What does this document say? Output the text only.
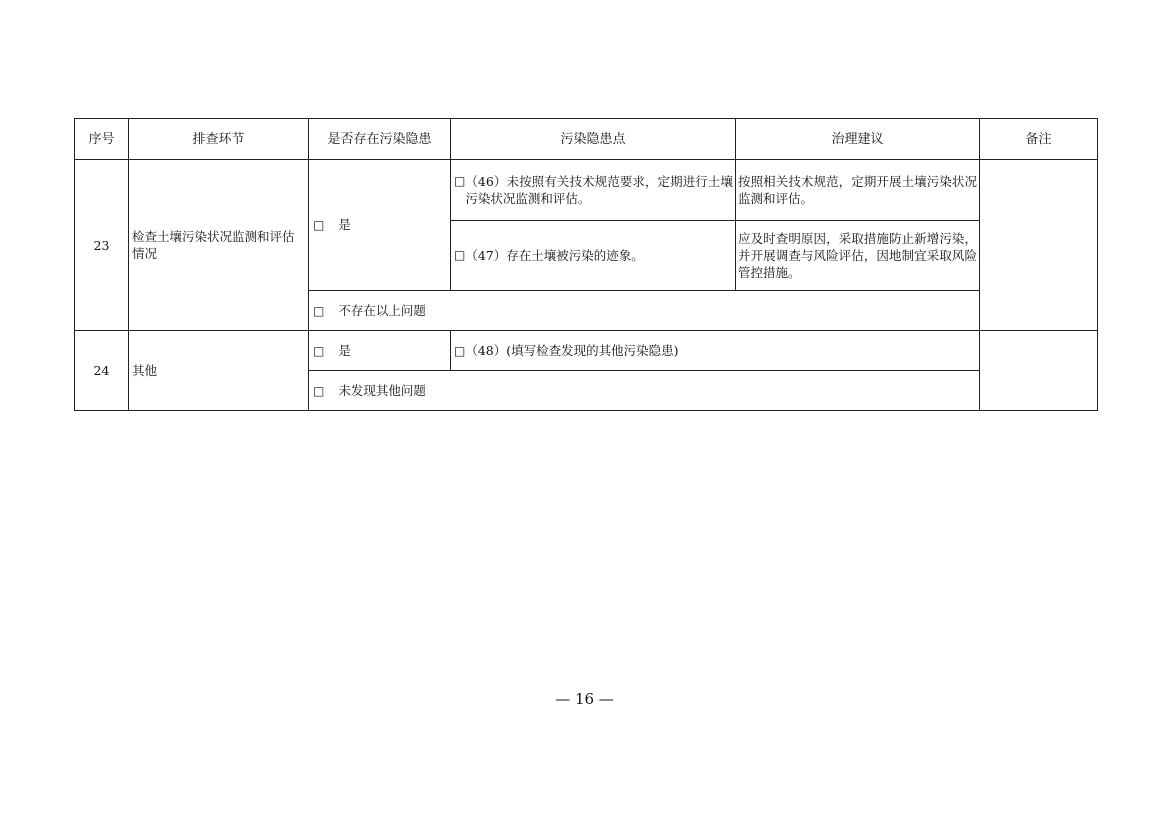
序号	排查环节	是否存在污染隐患	污染隐患点	治理建议	备注
23	检查土壤污染状况监测和评估情况	□ 是	□ （46）未按照有关技术规范要求，定期进行土壤污染状况监测和评估。	按照相关技术规范，定期开展土壤污染状况监测和评估。	

			□ （47）存在土壤被污染的迹象。	应及时查明原因，采取措施防止新增污染，并开展调查与风险评估，因地制宜采取风险管控措施。	
		□ 不存在以上问题			
24	其他	□ 是	□（48）(填写检查发现的其他污染隐患)		
		□ 未发现其他问题			
— 16 —
